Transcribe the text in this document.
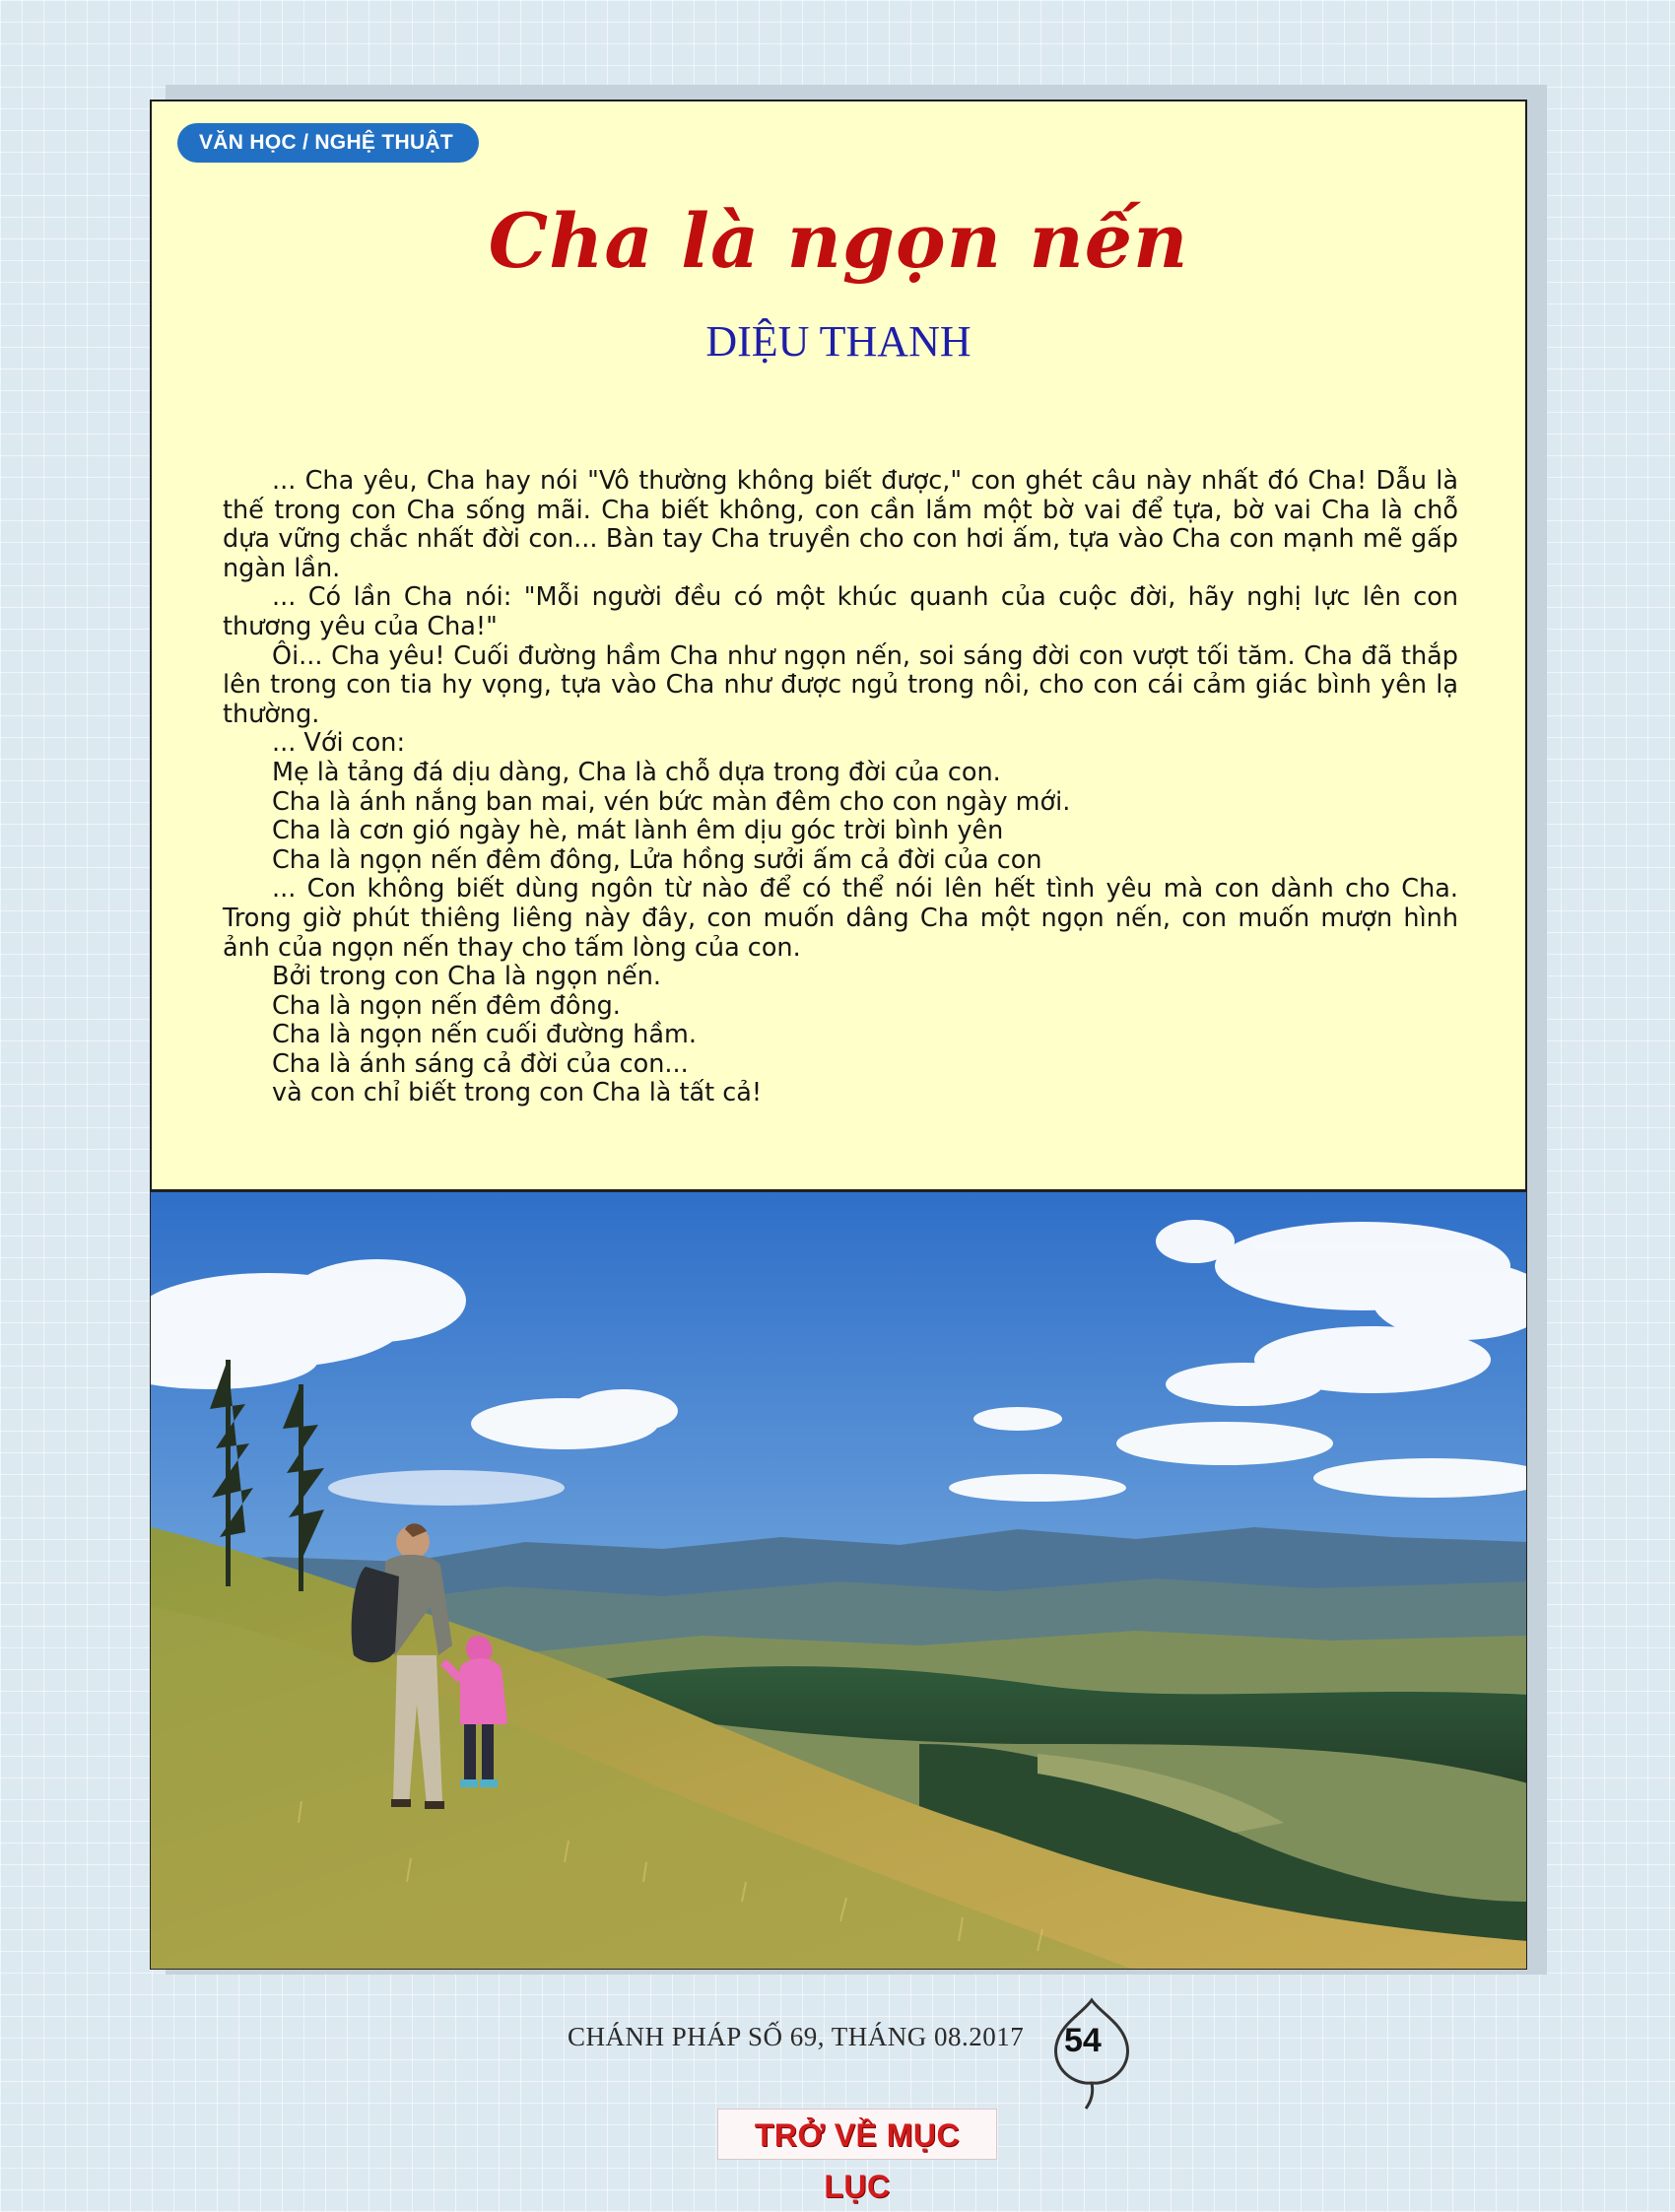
VĂN HỌC / NGHỆ THUẬT
Cha là ngọn nến
DIỆU THANH

... Cha yêu, Cha hay nói "Vô thường không biết được," con ghét câu này nhất đó Cha! Dẫu là thế trong con Cha sống mãi. Cha biết không, con cần lắm một bờ vai để tựa, bờ vai Cha là chỗ dựa vững chắc nhất đời con... Bàn tay Cha truyền cho con hơi ấm, tựa vào Cha con mạnh mẽ gấp ngàn lần.

... Có lần Cha nói: "Mỗi người đều có một khúc quanh của cuộc đời, hãy nghị lực lên con thương yêu của Cha!"

Ôi... Cha yêu! Cuối đường hầm Cha như ngọn nến, soi sáng đời con vượt tối tăm. Cha đã thắp lên trong con tia hy vọng, tựa vào Cha như được ngủ trong nôi, cho con cái cảm giác bình yên lạ thường.

... Với con:

Mẹ là tảng đá dịu dàng, Cha là chỗ dựa trong đời của con.

Cha là ánh nắng ban mai, vén bức màn đêm cho con ngày mới.

Cha là cơn gió ngày hè, mát lành êm dịu góc trời bình yên

Cha là ngọn nến đêm đông, Lửa hồng sưởi ấm cả đời của con

... Con không biết dùng ngôn từ nào để có thể nói lên hết tình yêu mà con dành cho Cha. Trong giờ phút thiêng liêng này đây, con muốn dâng Cha một ngọn nến, con muốn mượn hình ảnh của ngọn nến thay cho tấm lòng của con.

Bởi trong con Cha là ngọn nến.

Cha là ngọn nến đêm đông.

Cha là ngọn nến cuối đường hầm.

Cha là ánh sáng cả đời của con...

và con chỉ biết trong con Cha là tất cả!

CHÁNH PHÁP SỐ 69, THÁNG 08.2017 54
TRỞ VỀ MỤC LỤC
